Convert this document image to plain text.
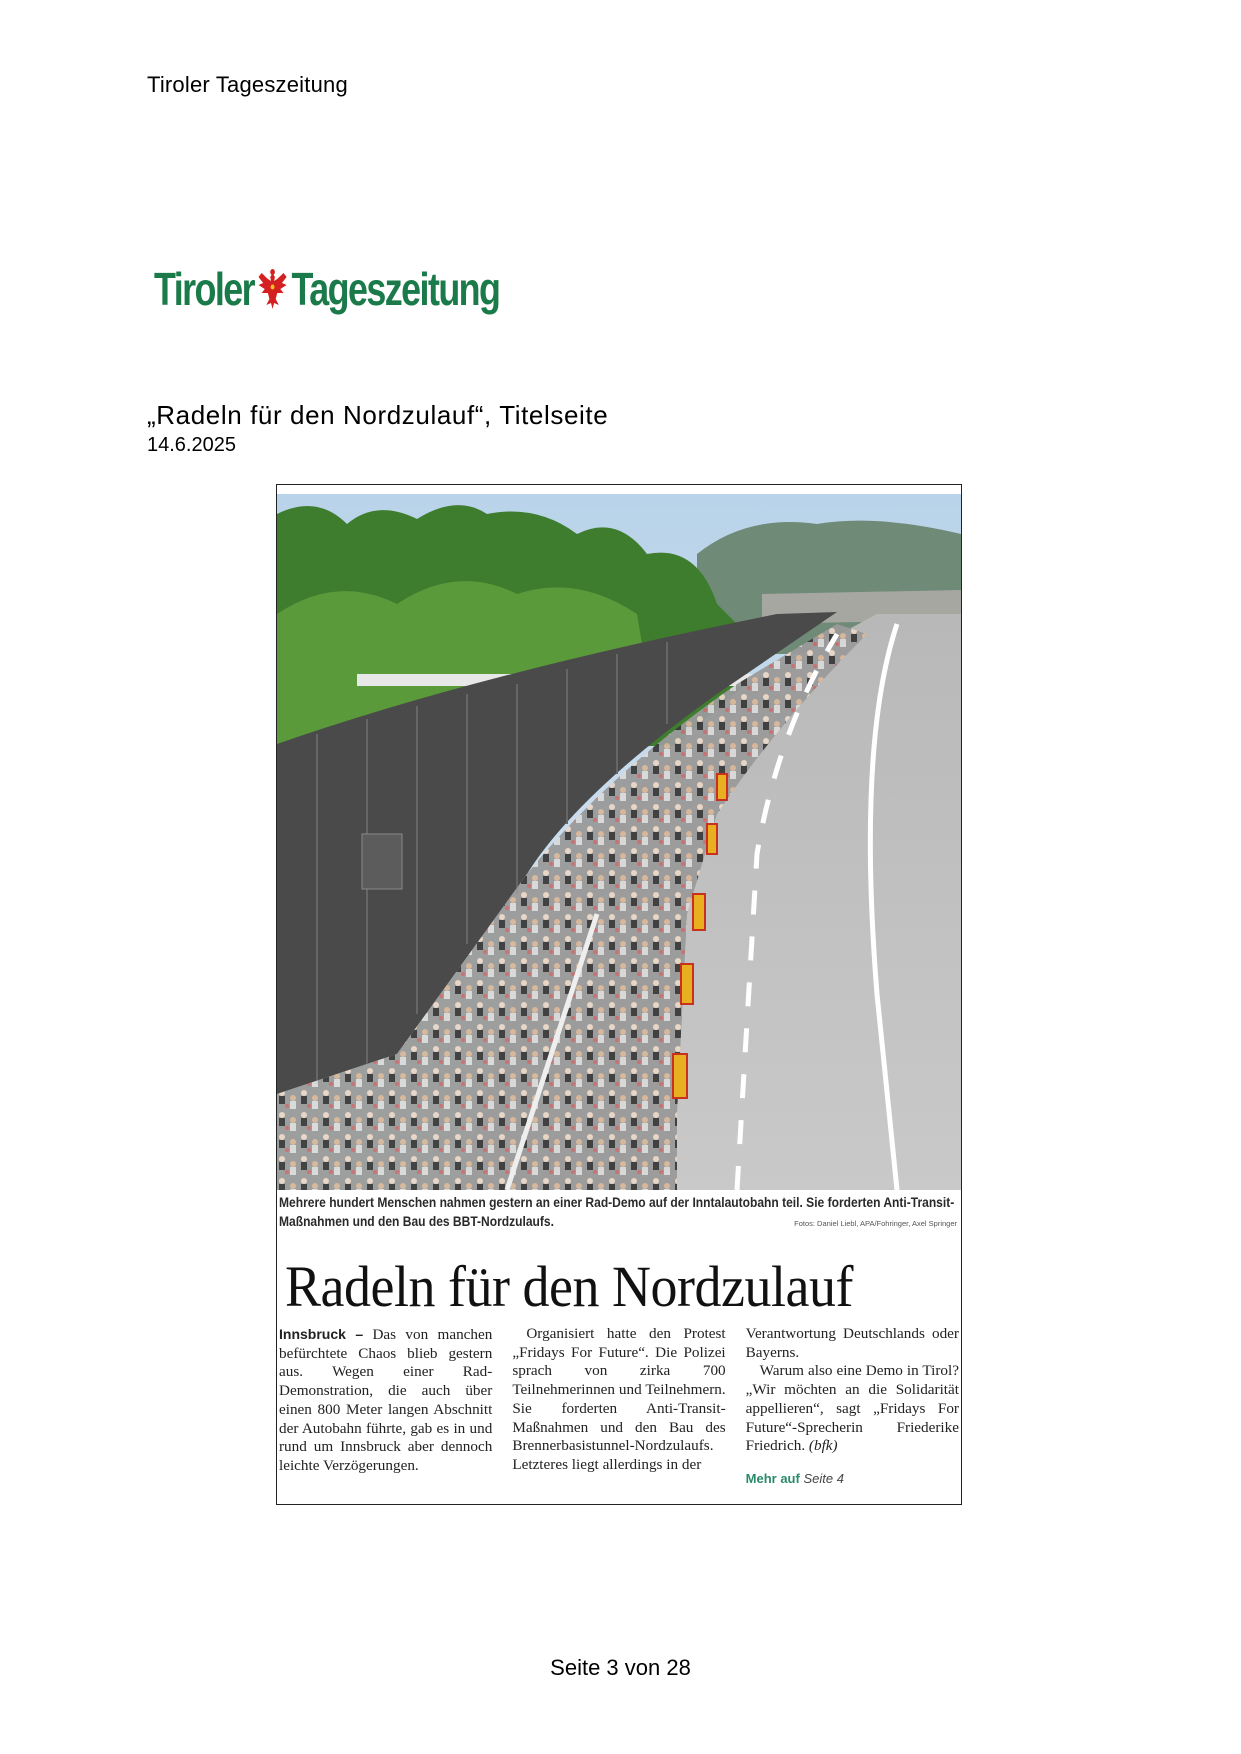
Tiroler Tageszeitung
Tiroler Tageszeitung
„Radeln für den Nordzulauf“, Titelseite
14.6.2025
Mehrere hundert Menschen nahmen gestern an einer Rad-Demo auf der Inntalautobahn teil. Sie forderten Anti-Transit-Maßnahmen und den Bau des BBT-Nordzulaufs.	Fotos: Daniel Liebl, APA/Fohringer, Axel Springer
Radeln für den Nordzulauf

Innsbruck – Das von manchen befürchtete Chaos blieb gestern aus. Wegen einer Rad-Demonstration, die auch über einen 800 Meter langen Abschnitt der Autobahn führte, gab es in und rund um Innsbruck aber dennoch leichte Verzögerungen.

Organisiert hatte den Protest „Fridays For Future“. Die Polizei sprach von zirka 700 Teilnehmerinnen und Teilnehmern. Sie forderten Anti-Transit-Maßnahmen und den Bau des Brennerbasistunnel-Nordzulaufs. Letzteres liegt allerdings in der

Verantwortung Deutschlands oder Bayerns.

Warum also eine Demo in Tirol? „Wir möchten an die Solidarität appellieren“, sagt „Fridays For Future“-Sprecherin Friederike Friedrich. (bfk)

Mehr auf Seite 4

Seite 3 von 28
